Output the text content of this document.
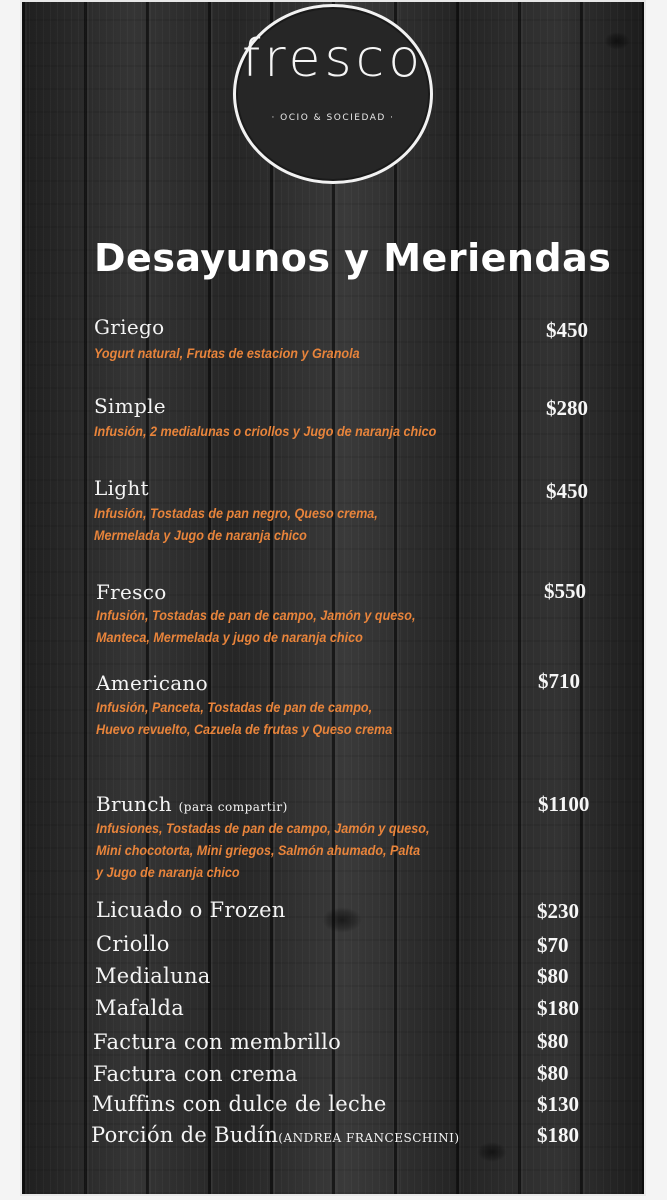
fresco
· OCIO & SOCIEDAD ·
Desayunos y Meriendas
Griego	$450
Yogurt natural, Frutas de estacion y Granola
Simple	$280
Infusión, 2 medialunas o criollos y Jugo de naranja chico
Light	$450
Infusión, Tostadas de pan negro, Queso crema,
Mermelada y Jugo de naranja chico
Fresco	$550
Infusión, Tostadas de pan de campo, Jamón y queso,
Manteca, Mermelada y jugo de naranja chico
Americano	$710
Infusión, Panceta, Tostadas de pan de campo,
Huevo revuelto, Cazuela de frutas y Queso crema
Brunch (para compartir)	$1100
Infusiones, Tostadas de pan de campo, Jamón y queso,
Mini chocotorta, Mini griegos, Salmón ahumado, Palta
y Jugo de naranja chico
Licuado o Frozen	$230
Criollo	$70
Medialuna	$80
Mafalda	$180
Factura con membrillo	$80
Factura con crema	$80
Muffins con dulce de leche	$130
Porción de Budín(ANDREA FRANCESCHINI)	$180
